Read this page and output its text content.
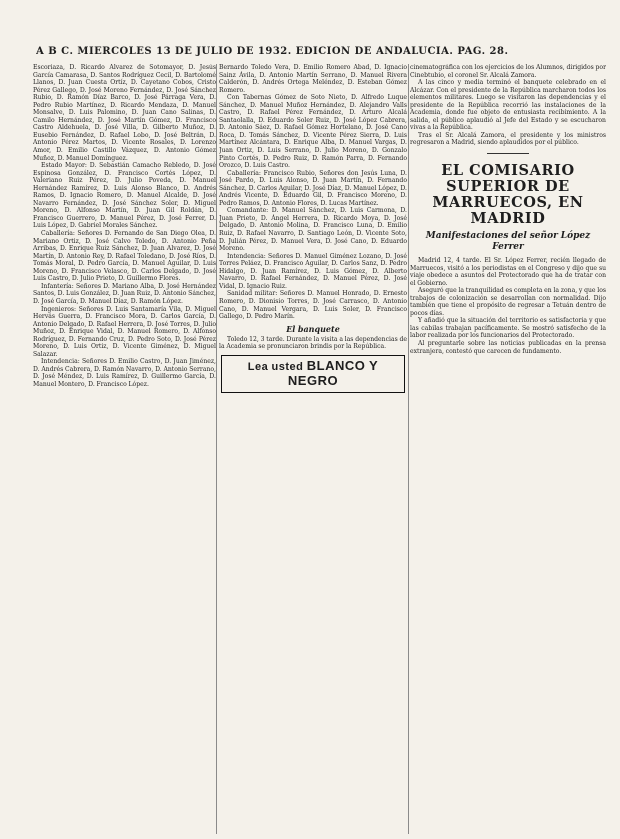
A B C. MIERCOLES 13 DE JULIO DE 1932. EDICION DE ANDALUCIA. PAG. 28.

Escoriaza, D. Ricardo Alvarez de Sotomayor, D. Jesús García Camarasa, D. Santos Rodríguez Cecil, D. Bartolomé Llanos, D. Juan Cuesta Ortíz, D. Cayetano Cobos, Cristo Pérez Gallego, D. José Moreno Fernández, D. José Sánchez Rubio, D. Ramón Díaz Barco, D. José Párraga Vera, D. Pedro Rubio Martínez, D. Ricardo Mendaza, D. Manuel Monsalve, D. Luis Palomino, D. Juan Cano Salinas, D. Camilo Hernández, D. José Martín Gómez, D. Francisco Castro Aldehuela, D. José Villa, D. Gilberto Muñoz, D. Eusebio Fernández, D. Rafael Lobo, D. José Beltrán, D. Antonio Pérez Martos, D. Vicente Rosales, D. Lorenzo Amor, D. Emilio Castillo Vázquez, D. Antonio Gómez Muñoz, D. Manuel Domínguez.

Estado Mayor: D. Sebastián Camacho Rebledo, D. José Espinosa González, D. Francisco Cortés López, D. Valeriano Ruiz Pérez, D. Julio Poveda, D. Manuel Hernández Ramírez, D. Luis Alonso Blanco, D. Andrés Ramos, D. Ignacio Romero, D. Manuel Alcalde, D. José Navarro Fernández, D. José Sánchez Soler, D. Miguel Moreno, D. Alfonso Martín, D. Juan Gil Roldán, D. Francisco Guerrero, D. Manuel Pérez, D. José Ferrer, D. Luis López, D. Gabriel Morales Sánchez.

Caballería: Señores D. Fernando de San Diego Olea, D. Mariano Ortiz, D. José Calvo Toledo, D. Antonio Peña Arribas, D. Enrique Ruiz Sánchez, D. Juan Alvarez, D. José Martín, D. Antonio Rey, D. Rafael Toledano, D. José Ríos, D. Tomás Moral, D. Pedro García, D. Manuel Aguilar, D. Luis Moreno, D. Francisco Velasco, D. Carlos Delgado, D. José Luis Castro, D. Julio Prieto, D. Guillermo Flores.

Infantería: Señores D. Mariano Alba, D. José Hernández Santos, D. Luis González, D. Juan Ruiz, D. Antonio Sánchez, D. José García, D. Manuel Díaz, D. Ramón López.

Ingenieros: Señores D. Luis Santamaría Vila, D. Miguel Hervás Guerra, D. Francisco Mora, D. Carlos García, D. Antonio Delgado, D. Rafael Herrera, D. José Torres, D. Julio Muñoz, D. Enrique Vidal, D. Manuel Romero, D. Alfonso Rodríguez, D. Fernando Cruz, D. Pedro Soto, D. José Pérez Moreno, D. Luis Ortiz, D. Vicente Giménez, D. Miguel Salazar.

Intendencia: Señores D. Emilio Castro, D. Juan Jiménez, D. Andrés Cabrera, D. Ramón Navarro, D. Antonio Serrano, D. José Méndez, D. Luis Ramírez, D. Guillermo García, D. Manuel Montero, D. Francisco López.

Bernardo Toledo Vera, D. Emilio Romero Abad, D. Ignacio Sainz Ávila, D. Antonio Martín Serrano, D. Manuel Rivera Calderón, D. Andrés Ortega Meléndez, D. Esteban Gómez Romero.

Con Tabernas Gómez de Soto Nieto, D. Alfredo Luque Sánchez, D. Manuel Muñoz Hernández, D. Alejandro Valls Castro, D. Rafael Pérez Fernández, D. Arturo Alcalá Santaolalla, D. Eduardo Soler Ruiz, D. José López Cabrera, D. Antonio Sáez, D. Rafael Gómez Hortelano, D. José Cano Roca, D. Tomás Sánchez, D. Vicente Pérez Sierra, D. Luis Martínez Alcántara, D. Enrique Alba, D. Manuel Vargas, D. Juan Ortiz, D. Luis Serrano, D. Julio Moreno, D. Gonzalo Pinto Cortés, D. Pedro Ruiz, D. Ramón Parra, D. Fernando Orozco, D. Luis Castro.

Caballería: Francisco Rubio, Señores don Jesús Luna, D. José Pardo, D. Luis Alonso, D. Juan Martín, D. Fernando Sánchez, D. Carlos Aguilar, D. José Díaz, D. Manuel López, D. Andrés Vicente, D. Eduardo Gil, D. Francisco Moreno, D. Pedro Ramos, D. Antonio Flores, D. Lucas Martínez.

Comandante: D. Manuel Sánchez, D. Luis Carmona, D. Juan Prieto, D. Ángel Herrera, D. Ricardo Moya, D. José Delgado, D. Antonio Molina, D. Francisco Luna, D. Emilio Ruiz, D. Rafael Navarro, D. Santiago León, D. Vicente Soto, D. Julián Pérez, D. Manuel Vera, D. José Cano, D. Eduardo Moreno.

Intendencia: Señores D. Manuel Giménez Lozano, D. José Torres Peláez, D. Francisco Aguilar, D. Carlos Sanz, D. Pedro Hidalgo, D. Juan Ramírez, D. Luis Gómez, D. Alberto Navarro, D. Rafael Fernández, D. Manuel Pérez, D. José Vidal, D. Ignacio Ruiz.

Sanidad militar: Señores D. Manuel Honrado, D. Ernesto Romero, D. Dionisio Torres, D. José Carrasco, D. Antonio Cano, D. Manuel Vergara, D. Luis Soler, D. Francisco Gallego, D. Pedro Marín.

El banquete

Toledo 12, 3 tarde. Durante la visita a las dependencias de la Academia se pronunciaron brindis por la República.

Lea usted BLANCO Y NEGRO

cinematográfica con los ejercicios de los Alumnos, dirigidos por Cinebtubio, el coronel Sr. Alcalá Zamora.

A las cinco y media terminó el banquete celebrado en el Alcázar. Con el presidente de la República marcharon todos los elementos militares. Luego se visitaron las dependencias y el presidente de la República recorrió las instalaciones de la Academia, donde fue objeto de entusiasta recibimiento. A la salida, el público aplaudió al Jefe del Estado y se escucharon vivas a la República.

Tras el Sr. Alcalá Zamora, el presidente y los ministros regresaron a Madrid, siendo aplaudidos por el público.

EL COMISARIO SUPERIOR DE MARRUECOS, EN MADRID
Manifestaciones del señor López Ferrer

Madrid 12, 4 tarde. El Sr. López Ferrer, recién llegado de Marruecos, visitó a los periodistas en el Congreso y dijo que su viaje obedece a asuntos del Protectorado que ha de tratar con el Gobierno.

Aseguró que la tranquilidad es completa en la zona, y que los trabajos de colonización se desarrollan con normalidad. Dijo también que tiene el propósito de regresar a Tetuán dentro de pocos días.

Y añadió que la situación del territorio es satisfactoria y que las cabilas trabajan pacíficamente. Se mostró satisfecho de la labor realizada por los funcionarios del Protectorado.

Al preguntarle sobre las noticias publicadas en la prensa extranjera, contestó que carecen de fundamento.
